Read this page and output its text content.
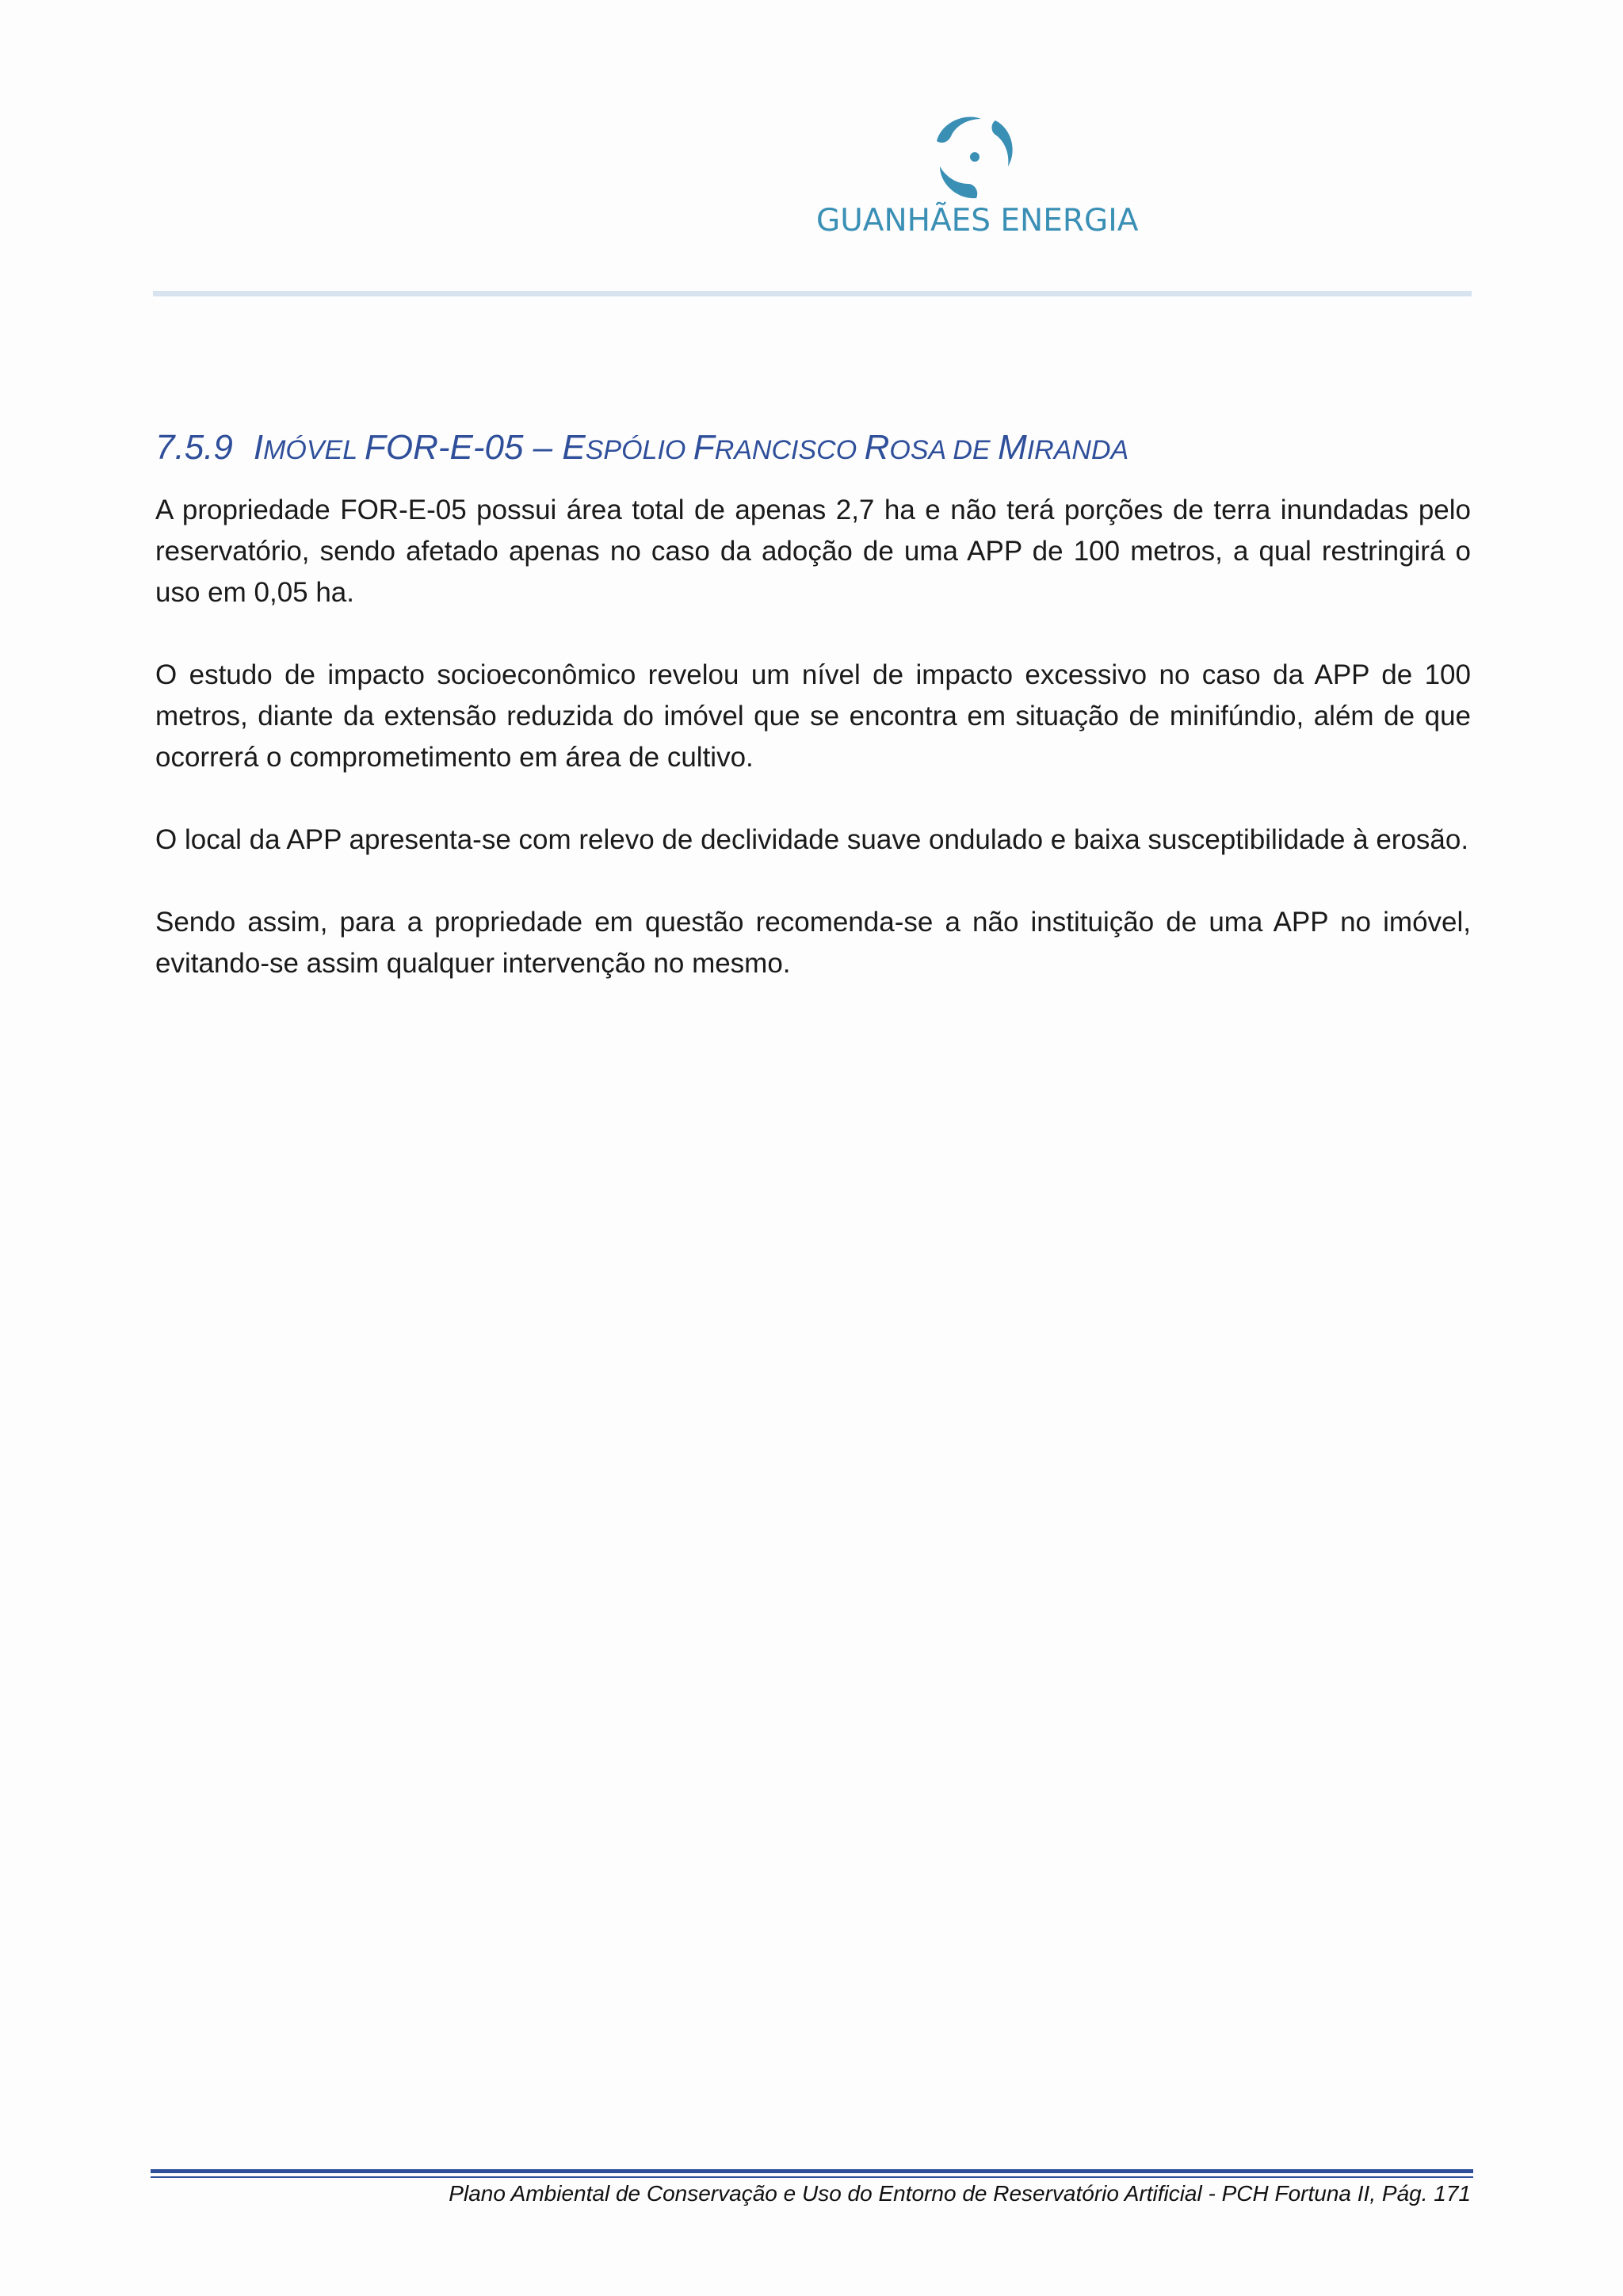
GUANHÃES ENERGIA
7.5.9 IMÓVEL FOR-E-05 – ESPÓLIO FRANCISCO ROSA DE MIRANDA

A propriedade FOR-E-05 possui área total de apenas 2,7 ha e não terá porções de terra inundadas pelo reservatório, sendo afetado apenas no caso da adoção de uma APP de 100 metros, a qual restringirá o uso em 0,05 ha.

O estudo de impacto socioeconômico revelou um nível de impacto excessivo no caso da APP de 100 metros, diante da extensão reduzida do imóvel que se encontra em situação de minifúndio, além de que ocorrerá o comprometimento em área de cultivo.

O local da APP apresenta-se com relevo de declividade suave ondulado e baixa susceptibilidade à erosão.

Sendo assim, para a propriedade em questão recomenda-se a não instituição de uma APP no imóvel, evitando-se assim qualquer intervenção no mesmo.

Plano Ambiental de Conservação e Uso do Entorno de Reservatório Artificial - PCH Fortuna II, Pág. 171
